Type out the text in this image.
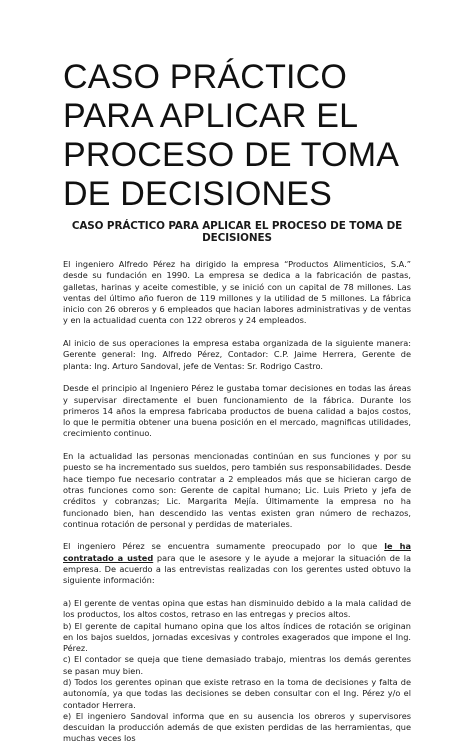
CASO PRÁCTICO PARA APLICAR EL PROCESO DE TOMA DE DECISIONES
CASO PRÁCTICO PARA APLICAR EL PROCESO DE TOMA DE DECISIONES

El ingeniero Alfredo Pérez ha dirigido la empresa “Productos Alimenticios, S.A.” desde su fundación en 1990. La empresa se dedica a la fabricación de pastas, galletas, harinas y aceite comestible, y se inició con un capital de 78 millones. Las ventas del último año fueron de 119 millones y la utilidad de 5 millones. La fábrica inicio con 26 obreros y 6 empleados que hacian labores administrativas y de ventas y en la actualidad cuenta con 122 obreros y 24 empleados.

Al inicio de sus operaciones la empresa estaba organizada de la siguiente manera: Gerente general: Ing. Alfredo Pérez, Contador: C.P. Jaime Herrera, Gerente de planta: Ing. Arturo Sandoval, jefe de Ventas: Sr. Rodrigo Castro.

Desde el principio al Ingeniero Pérez le gustaba tomar decisiones en todas las áreas y supervisar directamente el buen funcionamiento de la fábrica. Durante los primeros 14 años la empresa fabricaba productos de buena calidad a bajos costos, lo que le permitia obtener una buena posición en el mercado, magnificas utilidades, crecimiento continuo.

En la actualidad las personas mencionadas continúan en sus funciones y por su puesto se ha incrementado sus sueldos, pero también sus responsabilidades. Desde hace tiempo fue necesario contratar a 2 empleados más que se hicieran cargo de otras funciones como son: Gerente de capital humano; Lic. Luis Prieto y jefa de créditos y cobranzas; Lic. Margarita Mejía. Últimamente la empresa no ha funcionado bien, han descendido las ventas existen gran número de rechazos, continua rotación de personal y perdidas de materiales.

El ingeniero Pérez se encuentra sumamente preocupado por lo que le ha contratado a usted para que le asesore y le ayude a mejorar la situación de la empresa. De acuerdo a las entrevistas realizadas con los gerentes usted obtuvo la siguiente información:

a) El gerente de ventas opina que estas han disminuido debido a la mala calidad de los productos, los altos costos, retraso en las entregas y precios altos.

b) El gerente de capital humano opina que los altos índices de rotación se originan en los bajos sueldos, jornadas excesivas y controles exagerados que impone el Ing. Pérez.

c) El contador se queja que tiene demasiado trabajo, mientras los demás gerentes se pasan muy bien.

d) Todos los gerentes opinan que existe retraso en la toma de decisiones y falta de autonomía, ya que todas las decisiones se deben consultar con el Ing. Pérez y/o el contador Herrera.

e) El ingeniero Sandoval informa que en su ausencia los obreros y supervisores descuidan la producción además de que existen perdidas de las herramientas, que muchas veces los
